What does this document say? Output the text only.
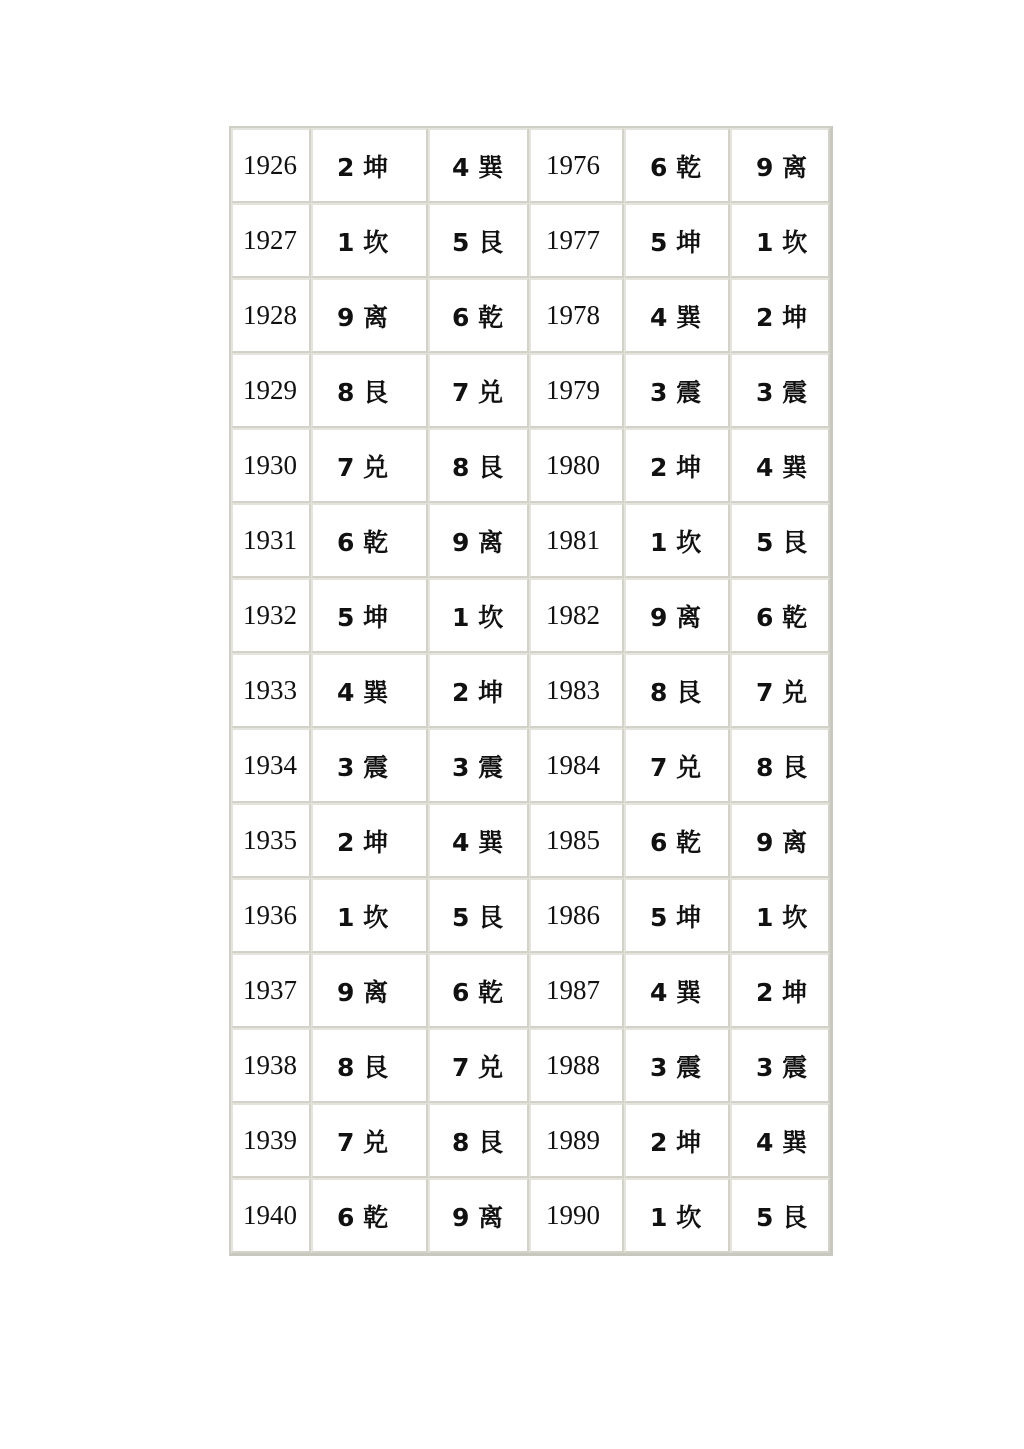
1926	2 坤	4 巽	1976	6 乾	9 离
1927	1 坎	5 艮	1977	5 坤	1 坎
1928	9 离	6 乾	1978	4 巽	2 坤
1929	8 艮	7 兑	1979	3 震	3 震
1930	7 兑	8 艮	1980	2 坤	4 巽
1931	6 乾	9 离	1981	1 坎	5 艮
1932	5 坤	1 坎	1982	9 离	6 乾
1933	4 巽	2 坤	1983	8 艮	7 兑
1934	3 震	3 震	1984	7 兑	8 艮
1935	2 坤	4 巽	1985	6 乾	9 离
1936	1 坎	5 艮	1986	5 坤	1 坎
1937	9 离	6 乾	1987	4 巽	2 坤
1938	8 艮	7 兑	1988	3 震	3 震
1939	7 兑	8 艮	1989	2 坤	4 巽
1940	6 乾	9 离	1990	1 坎	5 艮
